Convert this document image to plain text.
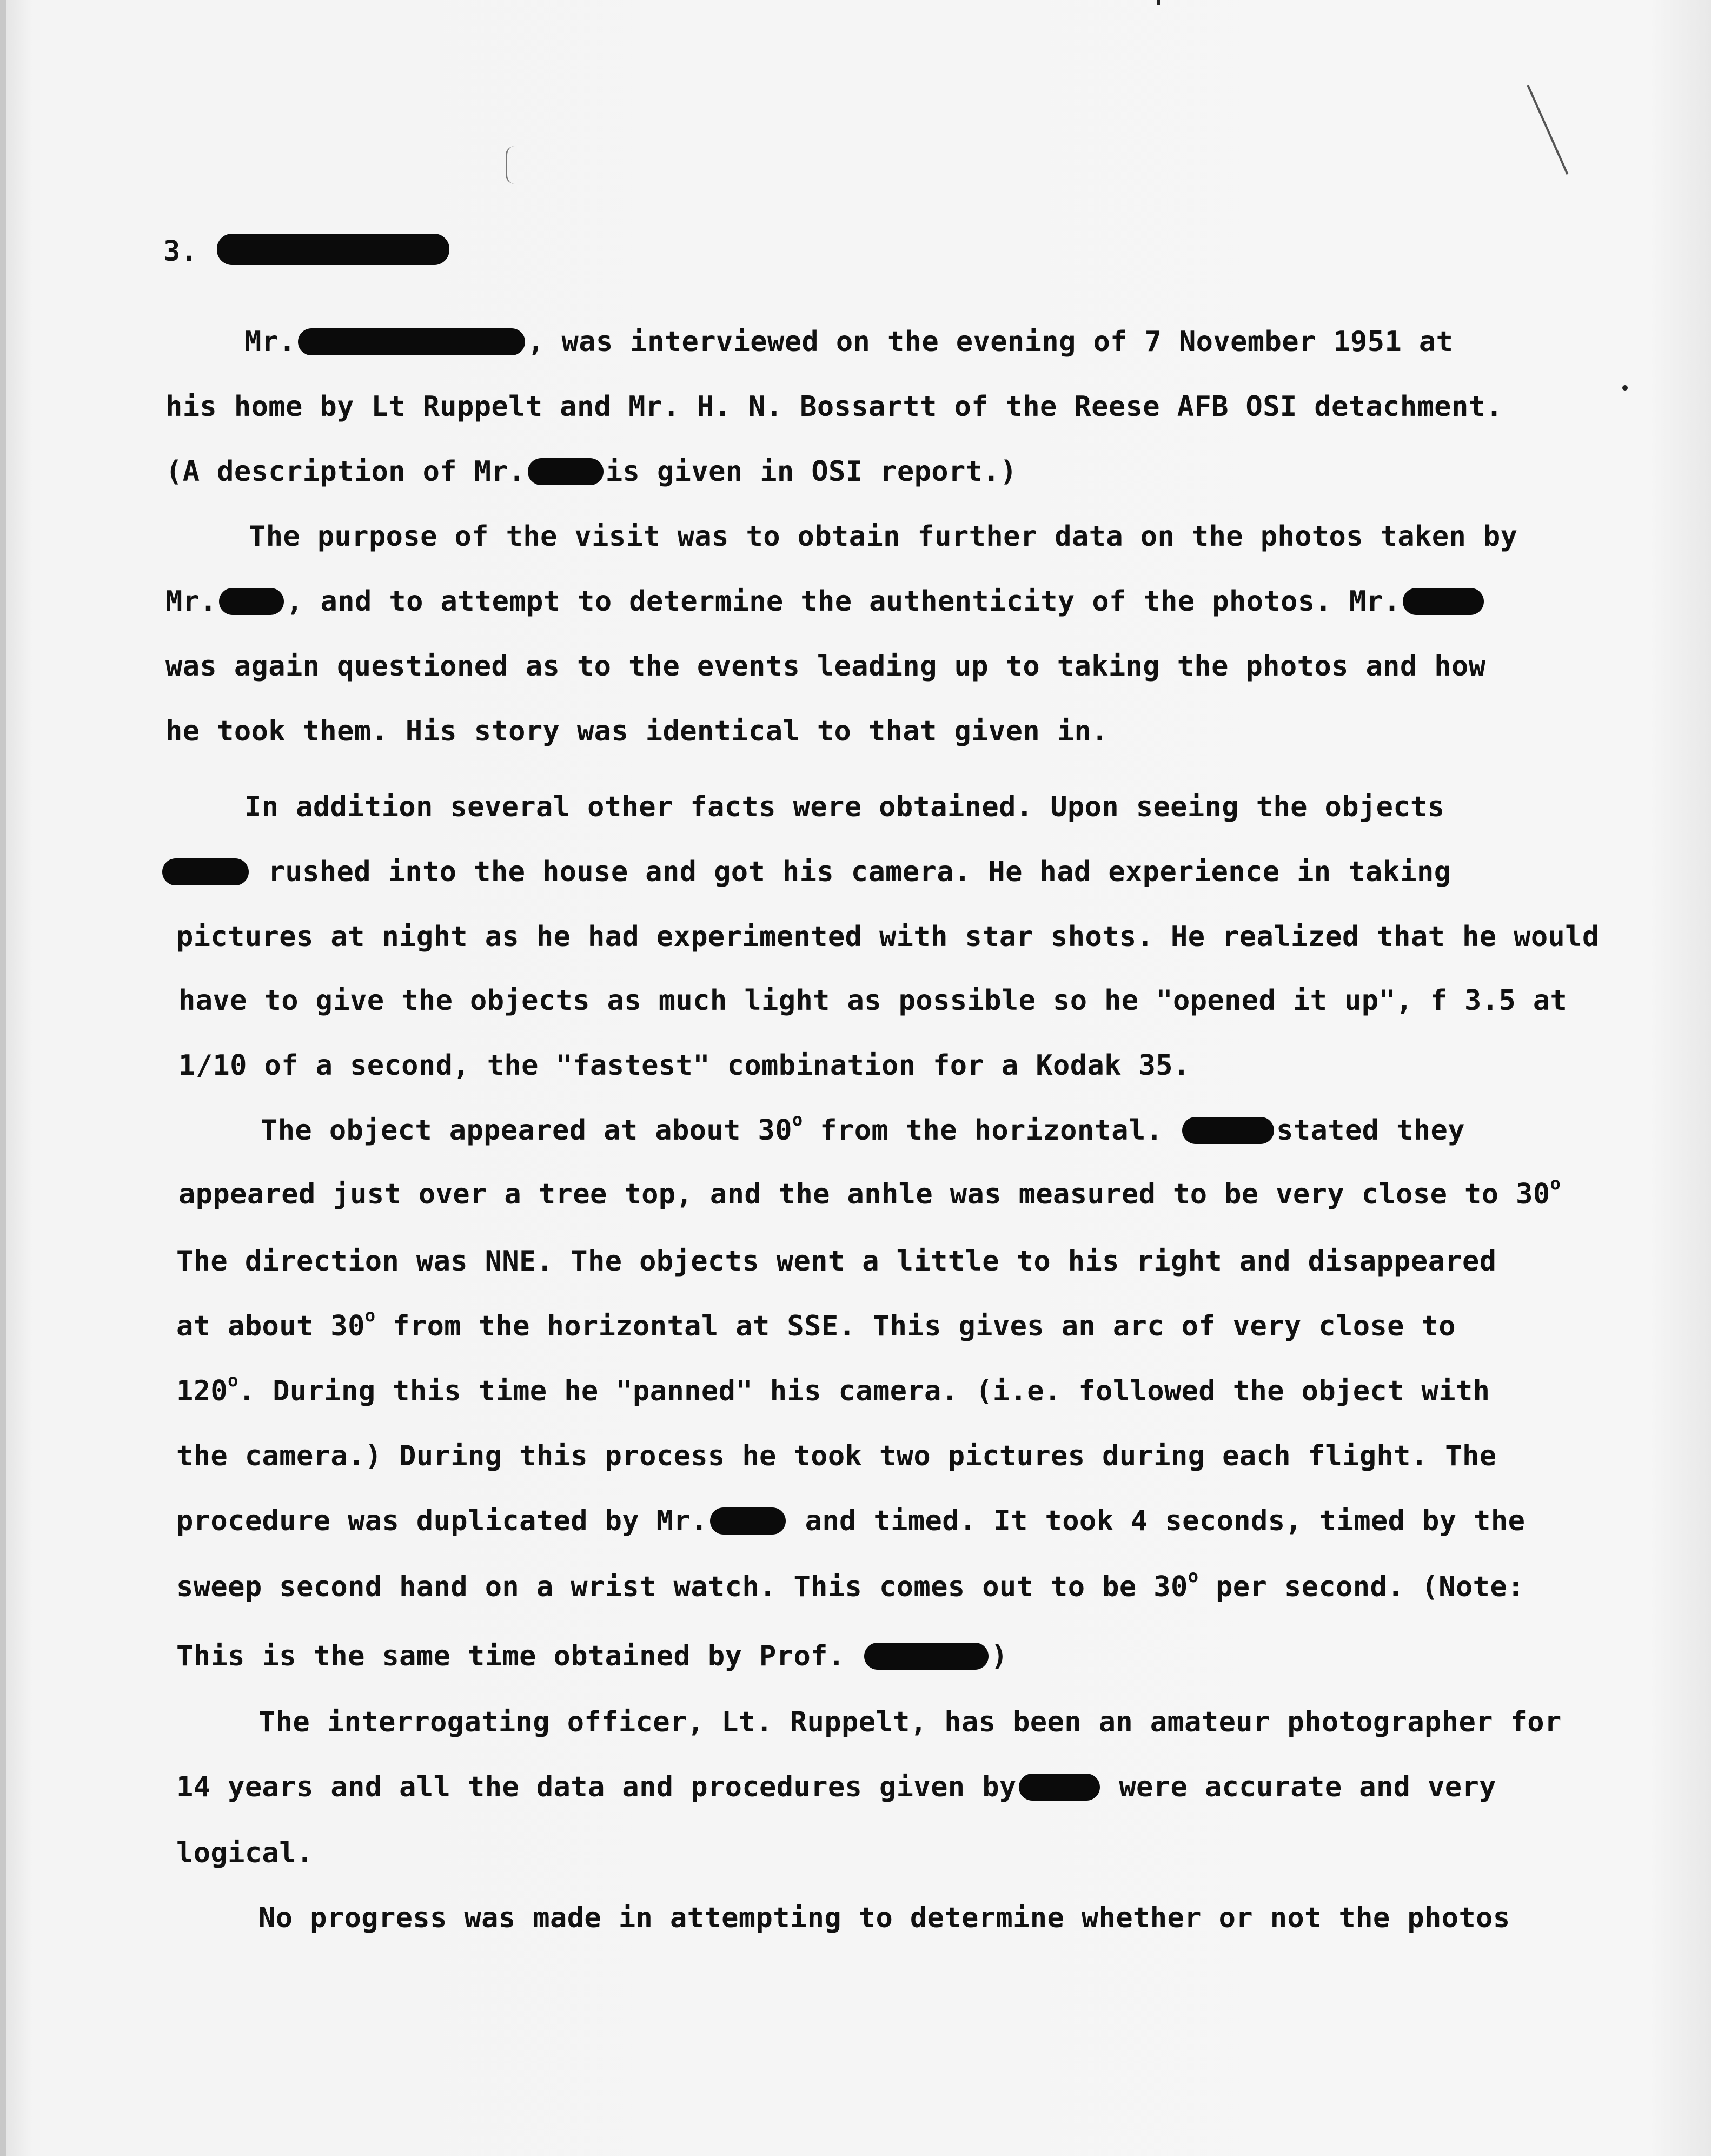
3.
Mr.	, was interviewed on the evening of 7 November 1951 at
his home by Lt Ruppelt and Mr. H. N. Bossartt of the Reese AFB OSI detachment.
(A description of Mr.	is given in OSI report.)
The purpose of the visit was to obtain further data on the photos taken by
Mr. , and to attempt to determine the authenticity of the photos. Mr.
was again questioned as to the events leading up to taking the photos and how
he took them. His story was identical to that given in.
In addition several other facts were obtained. Upon seeing the objects
rushed into the house and got his camera. He had experience in taking
pictures at night as he had experimented with star shots. He realized that he would
have to give the objects as much light as possible so he "opened it up", f 3.5 at
1/10 of a second, the "fastest" combination for a Kodak 35.
The object appeared at about 30$^o$ from the horizontal.	stated they
appeared just over a tree top, and the anhle was measured to be very close to 30$^o$
The direction was NNE. The objects went a little to his right and disappeared
at about 30$^o$ from the horizontal at SSE. This gives an arc of very close to
120$^o$. During this time he "panned" his camera. (i.e. followed the object with
the camera.) During this process he took two pictures during each flight. The
procedure was duplicated by Mr.	and timed. It took 4 seconds, timed by the
sweep second hand on a wrist watch. This comes out to be 30$^o$ per second. (Note:
This is the same time obtained by Prof.	)
The interrogating officer, Lt. Ruppelt, has been an amateur photographer for
14 years and all the data and procedures given by	were accurate and very
logical.
No progress was made in attempting to determine whether or not the photos
